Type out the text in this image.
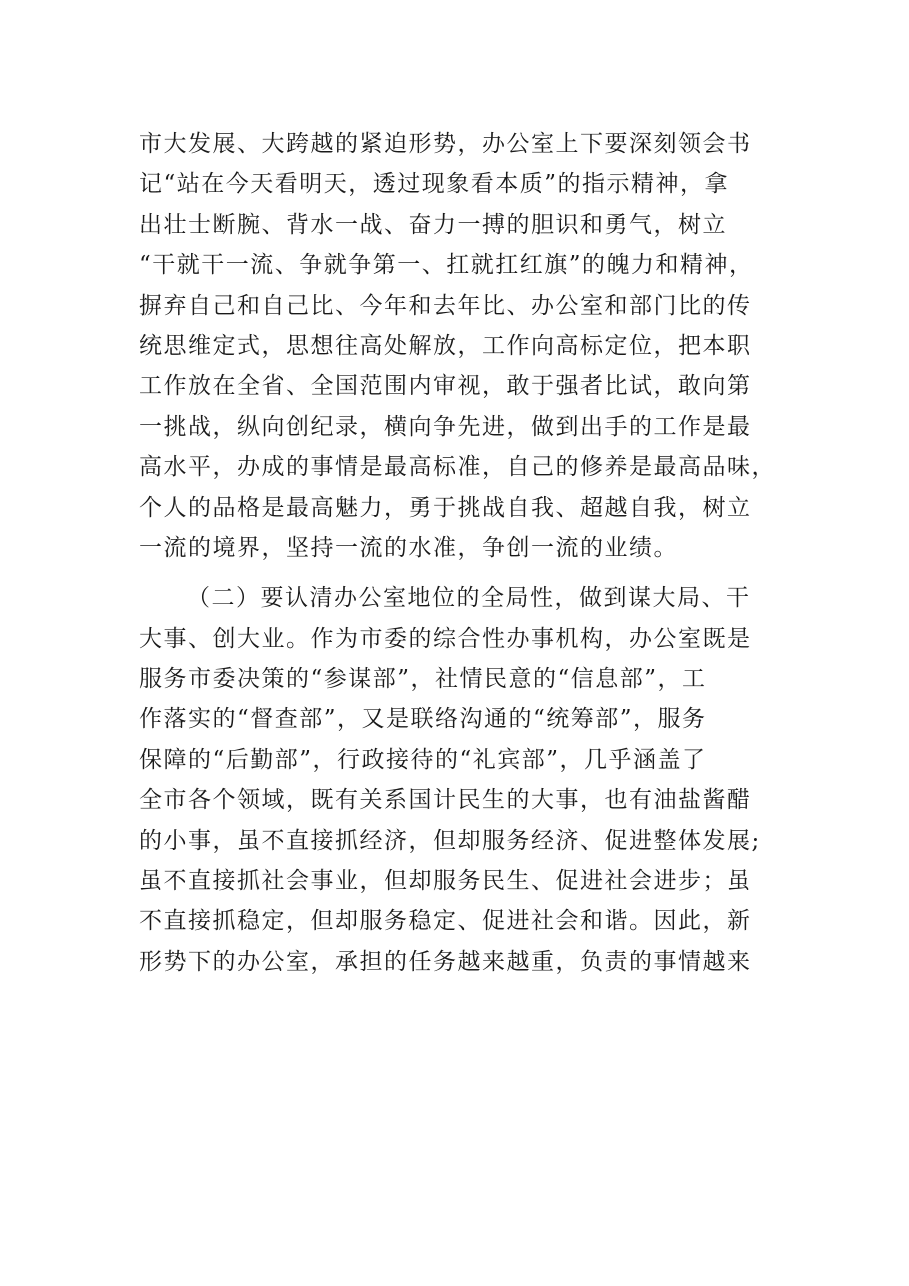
市大发展、大跨越的紧迫形势，办公室上下要深刻领会书
记“站在今天看明天，透过现象看本质”的指示精神，拿
出壮士断腕、背水一战、奋力一搏的胆识和勇气，树立
“干就干一流、争就争第一、扛就扛红旗”的魄力和精神，
摒弃自己和自己比、今年和去年比、办公室和部门比的传
统思维定式，思想往高处解放，工作向高标定位，把本职
工作放在全省、全国范围内审视，敢于强者比试，敢向第
一挑战，纵向创纪录，横向争先进，做到出手的工作是最
高水平，办成的事情是最高标准，自己的修养是最高品味，
个人的品格是最高魅力，勇于挑战自我、超越自我，树立
一流的境界，坚持一流的水准，争创一流的业绩。
（二）要认清办公室地位的全局性，做到谋大局、干
大事、创大业。作为市委的综合性办事机构，办公室既是
服务市委决策的“参谋部”，社情民意的“信息部”，工
作落实的“督查部”，又是联络沟通的“统筹部”，服务
保障的“后勤部”，行政接待的“礼宾部”，几乎涵盖了
全市各个领域，既有关系国计民生的大事，也有油盐酱醋
的小事，虽不直接抓经济，但却服务经济、促进整体发展;
虽不直接抓社会事业，但却服务民生、促进社会进步；虽
不直接抓稳定，但却服务稳定、促进社会和谐。因此，新
形势下的办公室，承担的任务越来越重，负责的事情越来
